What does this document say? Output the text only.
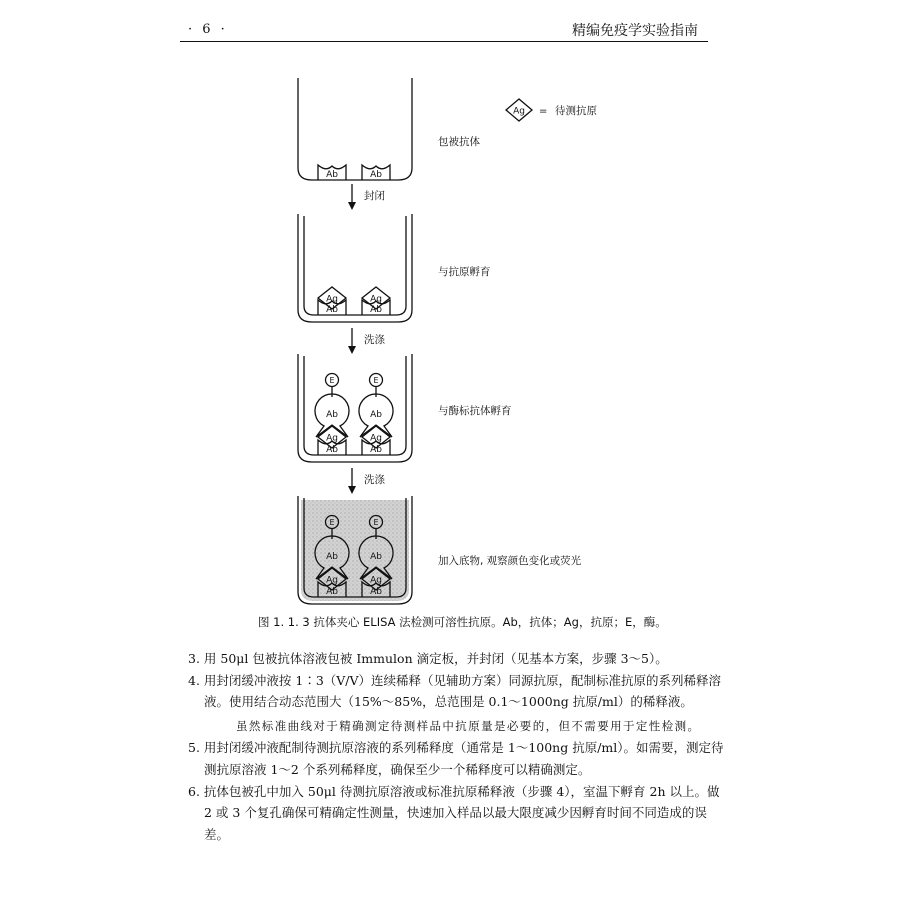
· 6 ·	精编免疫学实验指南
Ag = 待测抗原
Ab	Ab
包被抗体
封闭
Ab	Ab
Ag	Ag
与抗原孵育
洗涤
Ab	Ab
Ag	Ag
Ab
E
Ab
E
与酶标抗体孵育
洗涤
Ab	Ab
Ag	Ag
Ab
E
Ab
E
加入底物, 观察颜色变化或荧光
图 1. 1. 3 抗体夹心 ELISA 法检测可溶性抗原。Ab，抗体；Ag，抗原；E，酶。

3. 用 50μl 包被抗体溶液包被 Immulon 滴定板，并封闭（见基本方案，步骤 3～5）。

4. 用封闭缓冲液按 1∶3（V/V）连续稀释（见辅助方案）同源抗原，配制标准抗原的系列稀释溶液。使用结合动态范围大（15%～85%，总范围是 0.1～1000ng 抗原/ml）的稀释液。

虽然标准曲线对于精确测定待测样品中抗原量是必要的，但不需要用于定性检测。

5. 用封闭缓冲液配制待测抗原溶液的系列稀释度（通常是 1～100ng 抗原/ml）。如需要，测定待测抗原溶液 1～2 个系列稀释度，确保至少一个稀释度可以精确测定。

6. 抗体包被孔中加入 50μl 待测抗原溶液或标准抗原稀释液（步骤 4），室温下孵育 2h 以上。做 2 或 3 个复孔确保可精确定性测量，快速加入样品以最大限度减少因孵育时间不同造成的误差。
